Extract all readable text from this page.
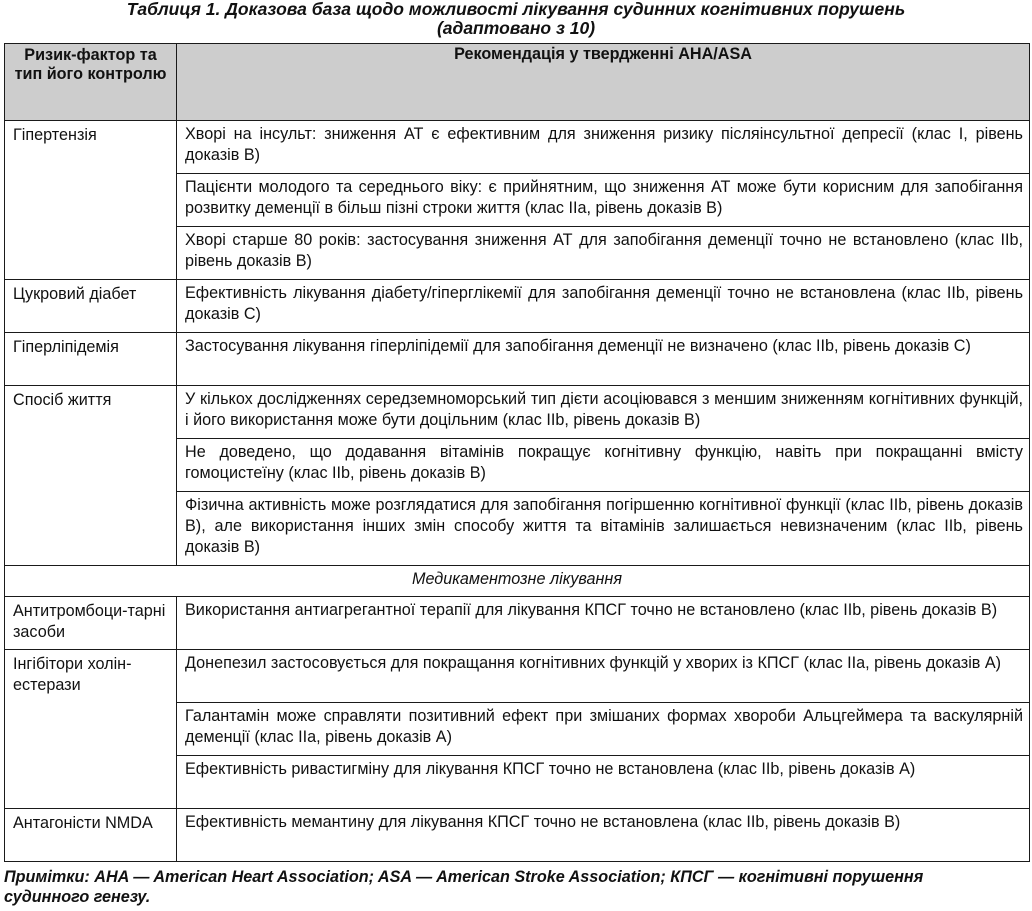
Таблиця 1. Доказова база щодо можливості лікування судинних когнітивних порушень
(адаптовано з 10)
Ризик-фактор та тип його контролю	Рекомендація у твердженні AHA/ASA
Гіпертензія	Хворі на інсульт: зниження АТ є ефективним для зниження ризику післяінсультної депресії (клас I, рівень доказів В)
	Пацієнти молодого та середнього віку: є прийнятним, що зниження АТ може бути корисним для запобігання розвитку деменції в більш пізні строки життя (клас IIa, рівень доказів В)
	Хворі старше 80 років: застосування зниження АТ для запобігання деменції точно не встановлено (клас IIb, рівень доказів В)
Цукровий діабет	Ефективність лікування діабету/гіперглікемії для запобігання деменції точно не встановлена (клас IIb, рівень доказів С)
Гіперліпідемія	Застосування лікування гіперліпідемії для запобігання деменції не визначено (клас IIb, рівень доказів С)
Спосіб життя	У кількох дослідженнях середземноморський тип дієти асоціювався з меншим зниженням когнітивних функцій, і його використання може бути доцільним (клас IIb, рівень доказів В)
	Не доведено, що додавання вітамінів покращує когнітивну функцію, навіть при покращанні вмісту гомоцистеїну (клас IIb, рівень доказів В)
	Фізична активність може розглядатися для запобігання погіршенню когнітивної функції (клас IIb, рівень доказів В), але використання інших змін способу життя та вітамінів залишається невизначеним (клас IIb, рівень доказів В)
Медикаментозне лікування	
Антитромбоци-тарні засоби	Використання антиагрегантної терапії для лікування КПСГ точно не встановлено (клас IIb, рівень доказів В)
Інгібітори холін-естерази	Донепезил застосовується для покращання когнітивних функцій у хворих із КПСГ (клас IIa, рівень доказів А)
	Галантамін може справляти позитивний ефект при змішаних формах хвороби Альцгеймера та васкулярній деменції (клас IIa, рівень доказів А)
	Ефективність ривастигміну для лікування КПСГ точно не встановлена (клас IIb, рівень доказів А)
Антагоністи NMDA	Ефективність мемантину для лікування КПСГ точно не встановлена (клас IIb, рівень доказів В)
Примітки: AHA — American Heart Association; ASA — American Stroke Association; КПСГ — когнітивні порушення судинного генезу.
